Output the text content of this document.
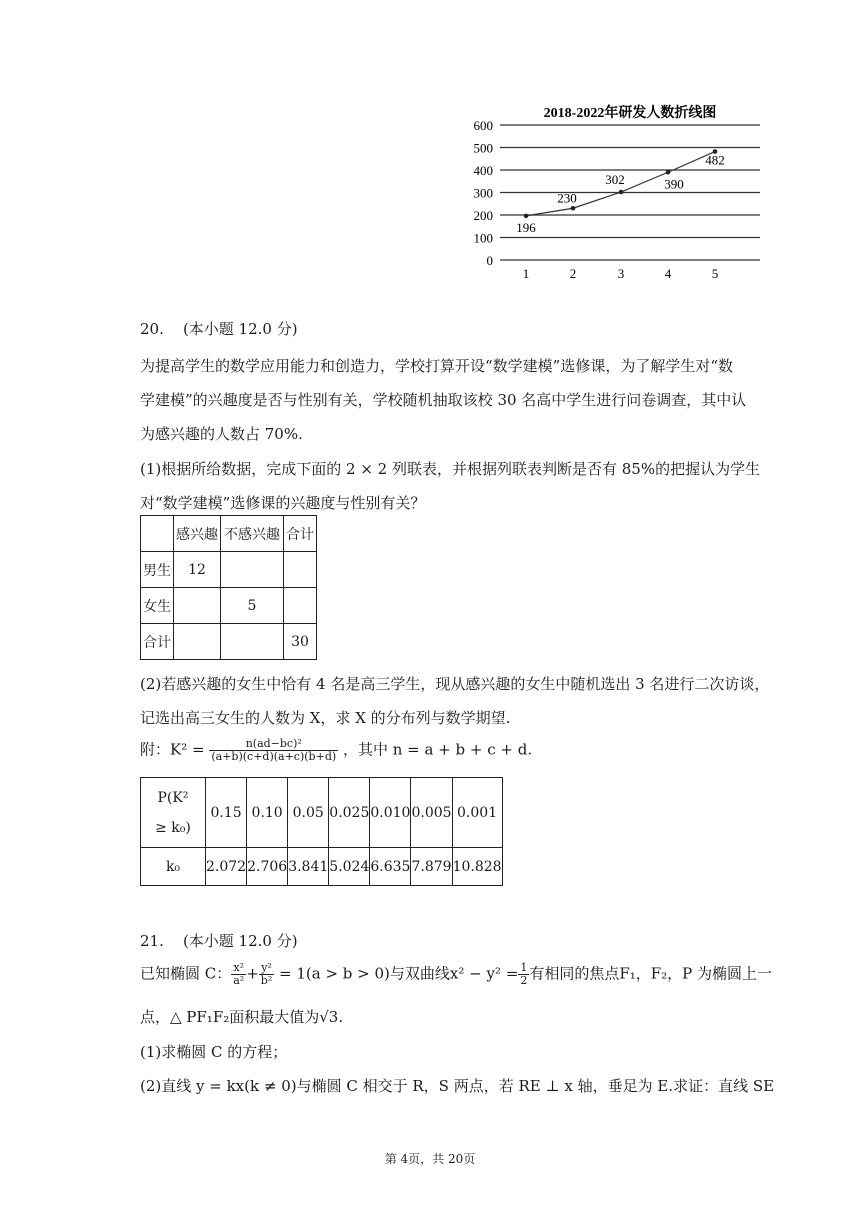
2018-2022年研发人数折线图
0
100
200
300
400
500
600
1	2	3	4	5
196
230
302	390
482
20. (本小题 12.0 分)
为提高学生的数学应用能力和创造力，学校打算开设“数学建模”选修课，为了解学生对“数
学建模”的兴趣度是否与性别有关，学校随机抽取该校 30 名高中学生进行问卷调查，其中认
为感兴趣的人数占 70%.
(1)根据所给数据，完成下面的 2 × 2 列联表，并根据列联表判断是否有 85%的把握认为学生
对“数学建模”选修课的兴趣度与性别有关？
	感兴趣	不感兴趣	合计
男生	12		
女生		5	
合计			30
(2)若感兴趣的女生中恰有 4 名是高三学生，现从感兴趣的女生中随机选出 3 名进行二次访谈，
记选出高三女生的人数为 X，求 X 的分布列与数学期望.
附：$K^2 = \frac{\text{n(ad−bc)²}}{(a+b)(c+d)(a+c)(b+d)}$ ，其中 n = a + b + c + d.
P(K²
≥ k₀)	0.15	0.10	0.05	0.025	0.010	0.005	0.001
k₀	2.072	2.706	3.841	5.024	6.635	7.879	10.828
21. (本小题 12.0 分)
已知椭圆 C： $\frac{\text{x²}}{\text{a²}} + \frac{\text{y²}}{\text{b²}} = 1(a > b > 0)$与双曲线$x^2 - y^2 = \frac{1}{2}$ 有相同的焦点F₁，F₂，P 为椭圆上一
点，△ PF₁F₂面积最大值为√3.
(1)求椭圆 C 的方程；
(2)直线 y = kx(k ≠ 0)与椭圆 C 相交于 R，S 两点，若 RE ⊥ x 轴，垂足为 E.求证：直线 SE
第 4页，共 20页
